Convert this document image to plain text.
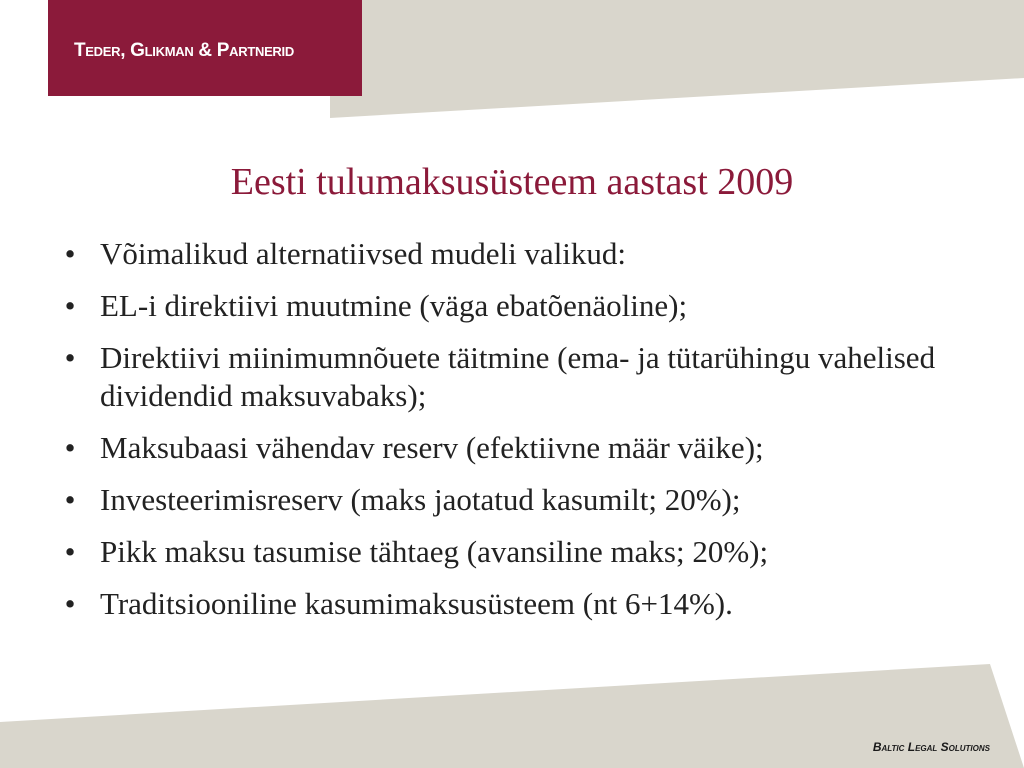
Teder, Glikman & Partnerid
Eesti tulumaksusüsteem aastast 2009
• Võimalikud alternatiivsed mudeli valikud:
• EL-i direktiivi muutmine (väga ebatõenäoline);
• Direktiivi miinimumnõuete täitmine (ema- ja tütarühingu vahelised dividendid maksuvabaks);
• Maksubaasi vähendav reserv (efektiivne määr väike);
• Investeerimisreserv (maks jaotatud kasumilt; 20%);
• Pikk maksu tasumise tähtaeg (avansiline maks; 20%);
• Traditsiooniline kasumimaksusüsteem (nt 6+14%).
Baltic Legal Solutions
